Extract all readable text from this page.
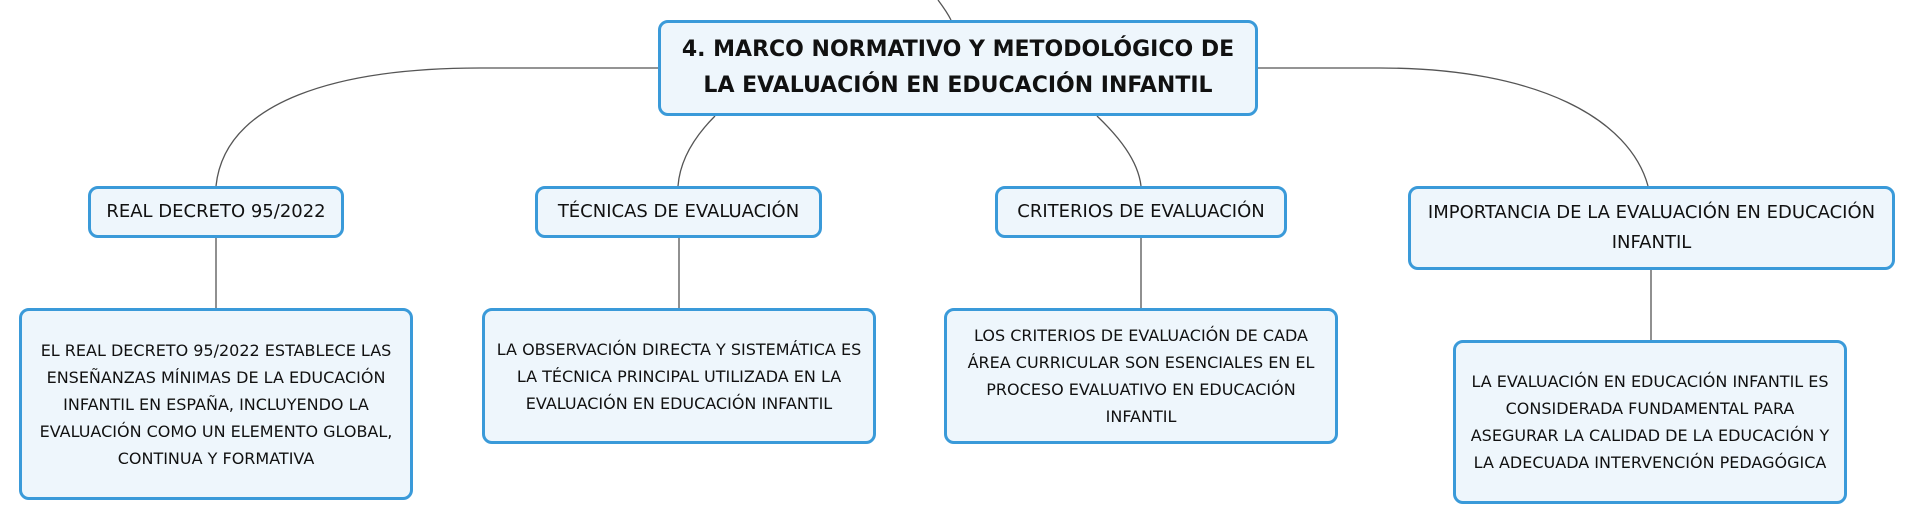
4. MARCO NORMATIVO Y METODOLÓGICO DE LA EVALUACIÓN EN EDUCACIÓN INFANTIL
REAL DECRETO 95/2022	TÉCNICAS DE EVALUACIÓN	CRITERIOS DE EVALUACIÓN	IMPORTANCIA DE LA EVALUACIÓN EN EDUCACIÓN INFANTIL
EL REAL DECRETO 95/2022 ESTABLECE LAS ENSEÑANZAS MÍNIMAS DE LA EDUCACIÓN INFANTIL EN ESPAÑA, INCLUYENDO LA EVALUACIÓN COMO UN ELEMENTO GLOBAL, CONTINUA Y FORMATIVA
LA OBSERVACIÓN DIRECTA Y SISTEMÁTICA ES LA TÉCNICA PRINCIPAL UTILIZADA EN LA EVALUACIÓN EN EDUCACIÓN INFANTIL
LOS CRITERIOS DE EVALUACIÓN DE CADA ÁREA CURRICULAR SON ESENCIALES EN EL PROCESO EVALUATIVO EN EDUCACIÓN INFANTIL
LA EVALUACIÓN EN EDUCACIÓN INFANTIL ES CONSIDERADA FUNDAMENTAL PARA ASEGURAR LA CALIDAD DE LA EDUCACIÓN Y LA ADECUADA INTERVENCIÓN PEDAGÓGICA
